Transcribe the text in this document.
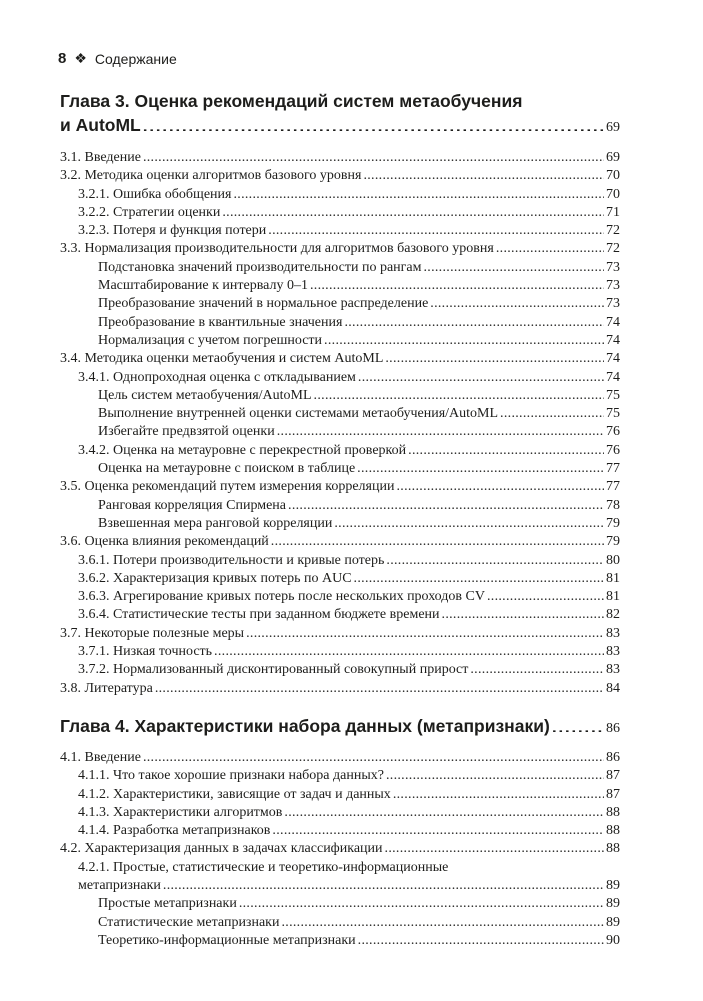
8 ❖ Содержание
Глава 3. Оценка рекомендаций систем метаобучения
и AutoML . . .	69
3.1. Введение . . .	69
3.2. Методика оценки алгоритмов базового уровня . . .	70
3.2.1. Ошибка обобщения . . .	70
3.2.2. Стратегии оценки . . .	71
3.2.3. Потеря и функция потери . . .	72
3.3. Нормализация производительности для алгоритмов базового уровня . . .	72
Подстановка значений производительности по рангам . . .	73
Масштабирование к интервалу 0–1 . . .	73
Преобразование значений в нормальное распределение . . .	73
Преобразование в квантильные значения . . .	74
Нормализация с учетом погрешности . . .	74
3.4. Методика оценки метаобучения и систем AutoML . . .	74
3.4.1. Однопроходная оценка с откладыванием . . .	74
Цель систем метаобучения/AutoML . . .	75
Выполнение внутренней оценки системами метаобучения/AutoML . . .	75
Избегайте предвзятой оценки . . .	76
3.4.2. Оценка на метауровне с перекрестной проверкой . . .	76
Оценка на метауровне с поиском в таблице . . .	77
3.5. Оценка рекомендаций путем измерения корреляции . . .	77
Ранговая корреляция Спирмена . . .	78
Взвешенная мера ранговой корреляции . . .	79
3.6. Оценка влияния рекомендаций . . .	79
3.6.1. Потери производительности и кривые потерь . . .	80
3.6.2. Характеризация кривых потерь по AUC . . .	81
3.6.3. Агрегирование кривых потерь после нескольких проходов CV . . .	81
3.6.4. Статистические тесты при заданном бюджете времени . . .	82
3.7. Некоторые полезные меры . . .	83
3.7.1. Низкая точность . . .	83
3.7.2. Нормализованный дисконтированный совокупный прирост . . .	83
3.8. Литература . . .	84
Глава 4. Характеристики набора данных (метапризнаки) . . .	86
4.1. Введение . . .	86
4.1.1. Что такое хорошие признаки набора данных? . . .	87
4.1.2. Характеристики, зависящие от задач и данных . . .	87
4.1.3. Характеристики алгоритмов . . .	88
4.1.4. Разработка метапризнаков . . .	88
4.2. Характеризация данных в задачах классификации . . .	88
4.2.1. Простые, статистические и теоретико-информационные
метапризнаки . . .	89
Простые метапризнаки . . .	89
Статистические метапризнаки . . .	89
Теоретико-информационные метапризнаки . . .	90
